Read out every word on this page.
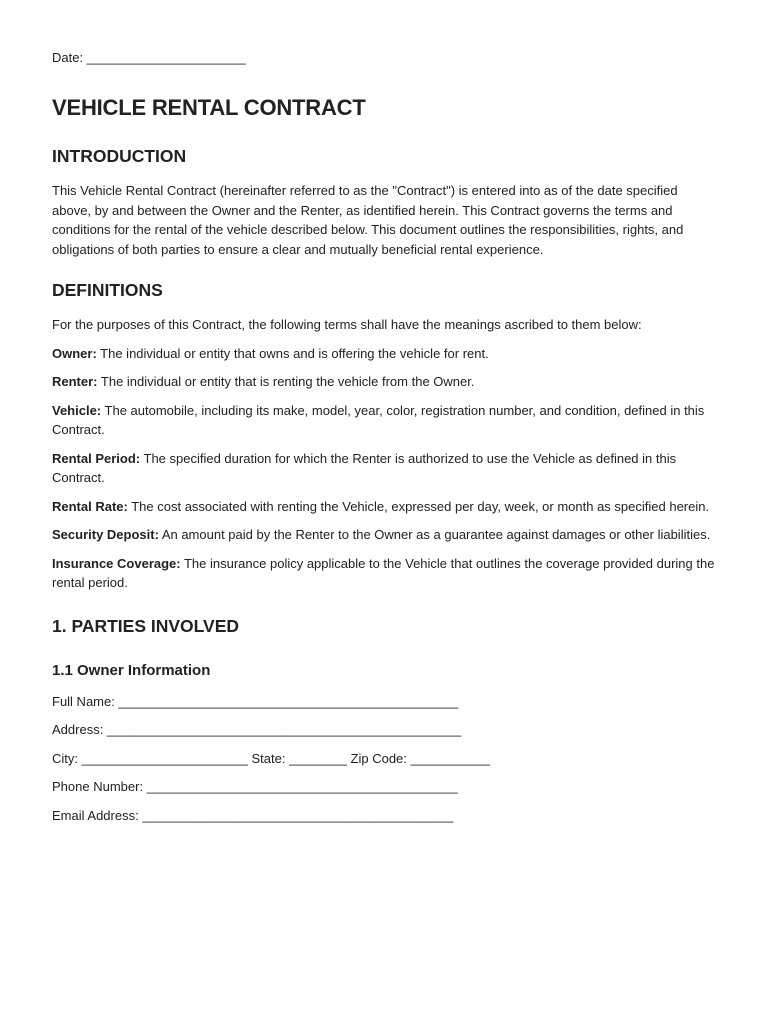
Date: ______________________

VEHICLE RENTAL CONTRACT
INTRODUCTION

This Vehicle Rental Contract (hereinafter referred to as the "Contract") is entered into as of the date specified above, by and between the Owner and the Renter, as identified herein. This Contract governs the terms and conditions for the rental of the vehicle described below. This document outlines the responsibilities, rights, and obligations of both parties to ensure a clear and mutually beneficial rental experience.

DEFINITIONS

For the purposes of this Contract, the following terms shall have the meanings ascribed to them below:

Owner: The individual or entity that owns and is offering the vehicle for rent.

Renter: The individual or entity that is renting the vehicle from the Owner.

Vehicle: The automobile, including its make, model, year, color, registration number, and condition, defined in this Contract.

Rental Period: The specified duration for which the Renter is authorized to use the Vehicle as defined in this Contract.

Rental Rate: The cost associated with renting the Vehicle, expressed per day, week, or month as specified herein.

Security Deposit: An amount paid by the Renter to the Owner as a guarantee against damages or other liabilities.

Insurance Coverage: The insurance policy applicable to the Vehicle that outlines the coverage provided during the rental period.

1. PARTIES INVOLVED
1.1 Owner Information

Full Name: _______________________________________________

Address: _________________________________________________

City: _______________________ State: ________ Zip Code: ___________

Phone Number: ___________________________________________

Email Address: ___________________________________________
